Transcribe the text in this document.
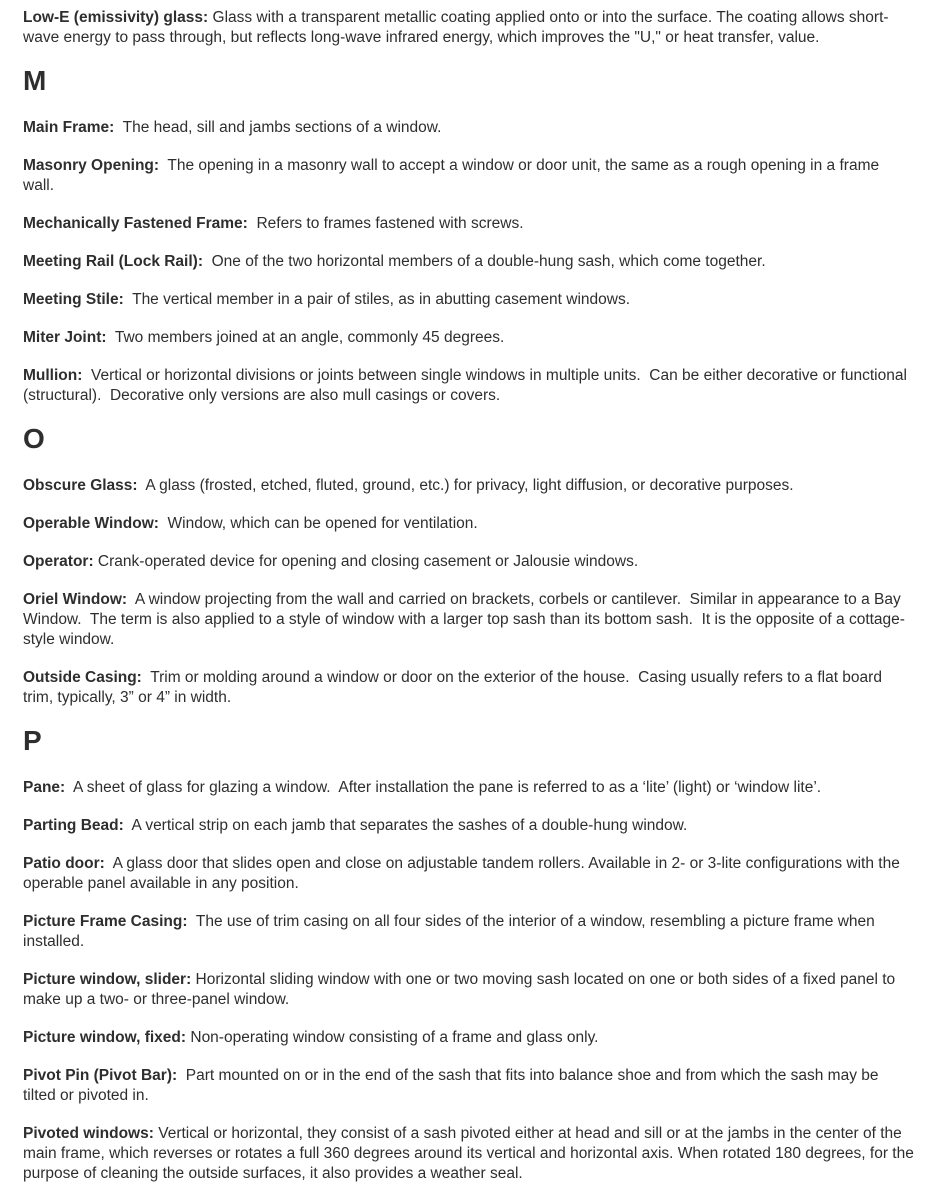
Low-E (emissivity) glass: Glass with a transparent metallic coating applied onto or into the surface. The coating allows short-wave energy to pass through, but reflects long-wave infrared energy, which improves the "U," or heat transfer, value.

M

Main Frame:  The head, sill and jambs sections of a window.

Masonry Opening:  The opening in a masonry wall to accept a window or door unit, the same as a rough opening in a frame wall.

Mechanically Fastened Frame:  Refers to frames fastened with screws.

Meeting Rail (Lock Rail):  One of the two horizontal members of a double-hung sash, which come together.

Meeting Stile:  The vertical member in a pair of stiles, as in abutting casement windows.

Miter Joint:  Two members joined at an angle, commonly 45 degrees.

Mullion:  Vertical or horizontal divisions or joints between single windows in multiple units.  Can be either decorative or functional (structural).  Decorative only versions are also mull casings or covers.

O

Obscure Glass:  A glass (frosted, etched, fluted, ground, etc.) for privacy, light diffusion, or decorative purposes.

Operable Window:  Window, which can be opened for ventilation.

Operator: Crank-operated device for opening and closing casement or Jalousie windows.

Oriel Window:  A window projecting from the wall and carried on brackets, corbels or cantilever.  Similar in appearance to a Bay Window.  The term is also applied to a style of window with a larger top sash than its bottom sash.  It is the opposite of a cottage-style window.

Outside Casing:  Trim or molding around a window or door on the exterior of the house.  Casing usually refers to a flat board trim, typically, 3” or 4” in width.

P

Pane:  A sheet of glass for glazing a window.  After installation the pane is referred to as a ‘lite’ (light) or ‘window lite’.

Parting Bead:  A vertical strip on each jamb that separates the sashes of a double-hung window.

Patio door:  A glass door that slides open and close on adjustable tandem rollers. Available in 2- or 3-lite configurations with the operable panel available in any position.

Picture Frame Casing:  The use of trim casing on all four sides of the interior of a window, resembling a picture frame when installed.

Picture window, slider: Horizontal sliding window with one or two moving sash located on one or both sides of a fixed panel to make up a two- or three-panel window.

Picture window, fixed: Non-operating window consisting of a frame and glass only.

Pivot Pin (Pivot Bar):  Part mounted on or in the end of the sash that fits into balance shoe and from which the sash may be tilted or pivoted in.

Pivoted windows: Vertical or horizontal, they consist of a sash pivoted either at head and sill or at the jambs in the center of the main frame, which reverses or rotates a full 360 degrees around its vertical and horizontal axis. When rotated 180 degrees, for the purpose of cleaning the outside surfaces, it also provides a weather seal.
